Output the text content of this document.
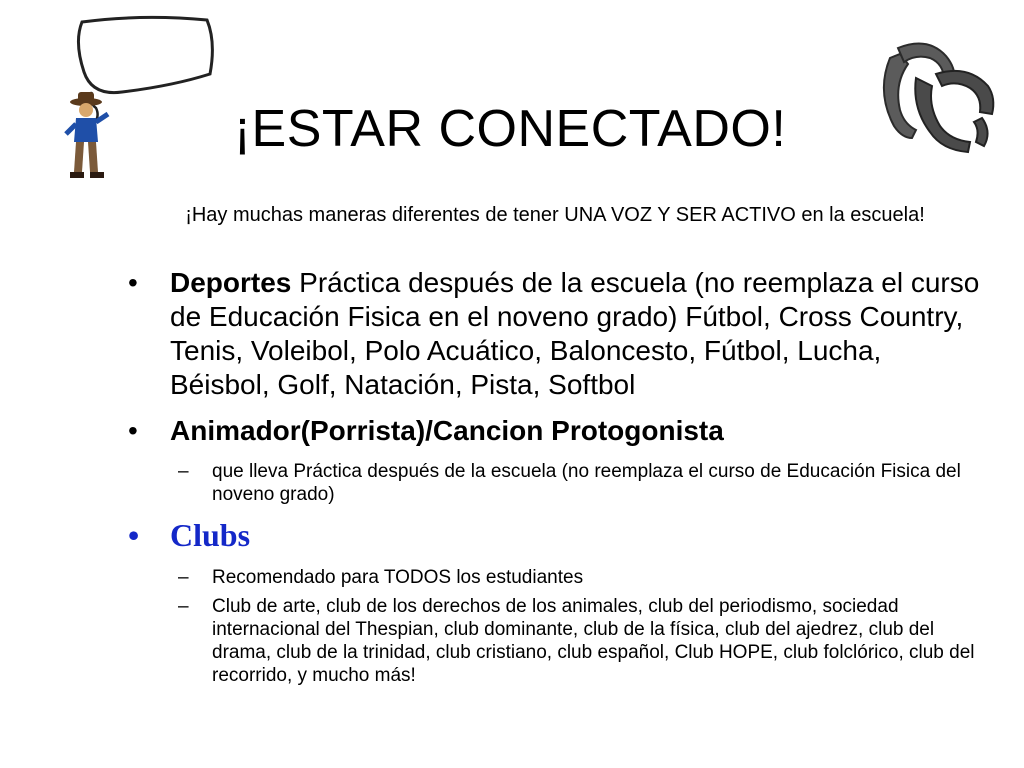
¡ESTAR CONECTADO!
¡Hay muchas maneras diferentes de tener UNA VOZ Y SER ACTIVO en la escuela!
•	Deportes Práctica después de la escuela (no reemplaza el curso de Educación Fisica en el noveno grado) Fútbol, Cross Country, Tenis, Voleibol, Polo Acuático, Baloncesto, Fútbol, Lucha, Béisbol, Golf, Natación, Pista, Softbol
•	Animador(Porrista)/Cancion Protogonista
– que lleva Práctica después de la escuela (no reemplaza el curso de Educación Fisica del noveno grado)
• Clubs
– Recomendado para TODOS los estudiantes
– Club de arte, club de los derechos de los animales, club del periodismo, sociedad internacional del Thespian, club dominante, club de la física, club del ajedrez, club del drama, club de la trinidad, club cristiano, club español, Club HOPE, club folclórico, club del recorrido, y mucho más!
